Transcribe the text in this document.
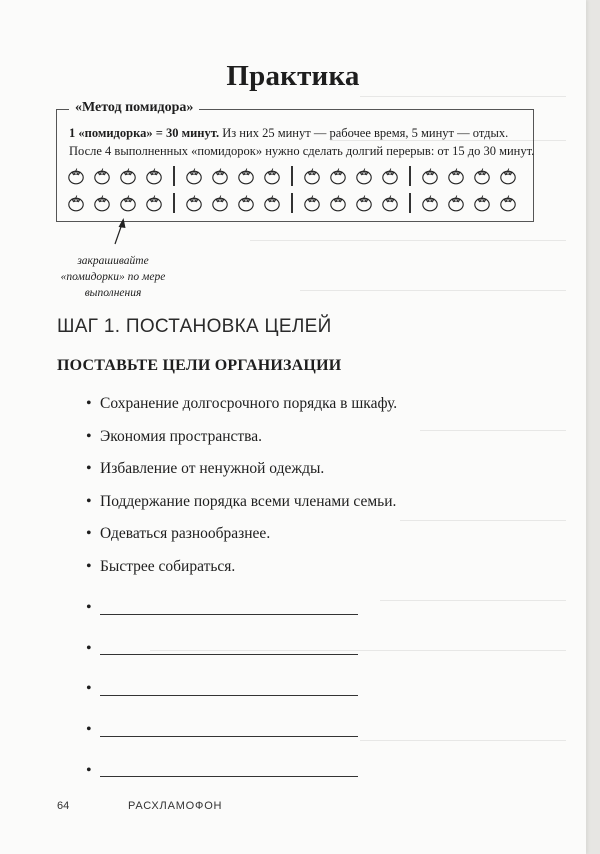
Практика
«Метод помидора»
1 «помидорка» = 30 минут. Из них 25 минут — рабочее время, 5 минут — отдых.
После 4 выполненных «помидорок» нужно сделать долгий перерыв: от 15 до 30 минут.
закрашивайте
«помидорки» по мере
выполнения
ШАГ 1. ПОСТАНОВКА ЦЕЛЕЙ
ПОСТАВЬТЕ ЦЕЛИ ОРГАНИЗАЦИИ
• Сохранение долгосрочного порядка в шкафу.
• Экономия пространства.
• Избавление от ненужной одежды.
• Поддержание порядка всеми членами семьи.
• Одеваться разнообразнее.
• Быстрее собираться.
•
•
•
•
•
64	РАСХЛАМОФОН
